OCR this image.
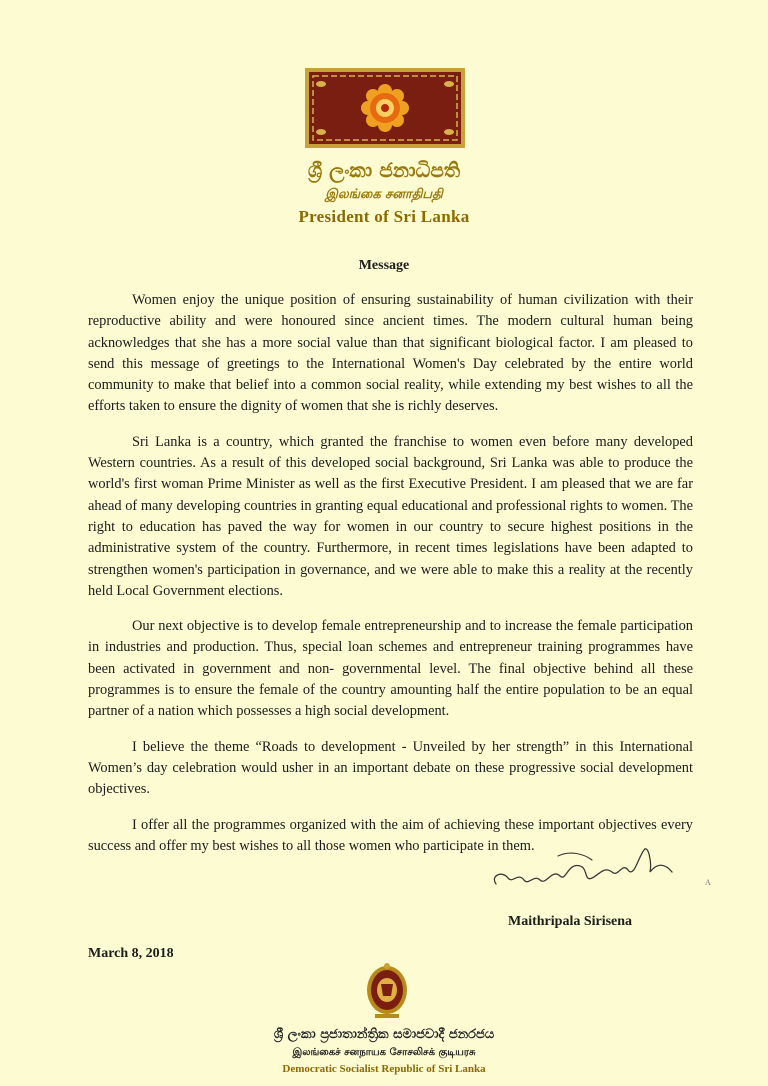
ශ්‍රී ලංකා ජනාධිපති
இலங்கை சனாதிபதி
President of Sri Lanka
Message

Women enjoy the unique position of ensuring sustainability of human civilization with their reproductive ability and were honoured since ancient times. The modern cultural human being acknowledges that she has a more social value than that significant biological factor. I am pleased to send this message of greetings to the International Women's Day celebrated by the entire world community to make that belief into a common social reality, while extending my best wishes to all the efforts taken to ensure the dignity of women that she is richly deserves.

Sri Lanka is a country, which granted the franchise to women even before many developed Western countries. As a result of this developed social background, Sri Lanka was able to produce the world's first woman Prime Minister as well as the first Executive President. I am pleased that we are far ahead of many developing countries in granting equal educational and professional rights to women. The right to education has paved the way for women in our country to secure highest positions in the administrative system of the country. Furthermore, in recent times legislations have been adapted to strengthen women's participation in governance, and we were able to make this a reality at the recently held Local Government elections.

Our next objective is to develop female entrepreneurship and to increase the female participation in industries and production. Thus, special loan schemes and entrepreneur training programmes have been activated in government and non- governmental level. The final objective behind all these programmes is to ensure the female of the country amounting half the entire population to be an equal partner of a nation which possesses a high social development.

I believe the theme “Roads to development - Unveiled by her strength” in this International Women’s day celebration would usher in an important debate on these progressive social development objectives.

I offer all the programmes organized with the aim of achieving these important objectives every success and offer my best wishes to all those women who participate in them.

A
Maithripala Sirisena
March 8, 2018
ශ්‍රී ලංකා ප්‍රජාතාන්ත්‍රික සමාජවාදී ජනරජය
இலங்கைச் சனநாயக சோசலிசக் குடியரசு
Democratic Socialist Republic of Sri Lanka
